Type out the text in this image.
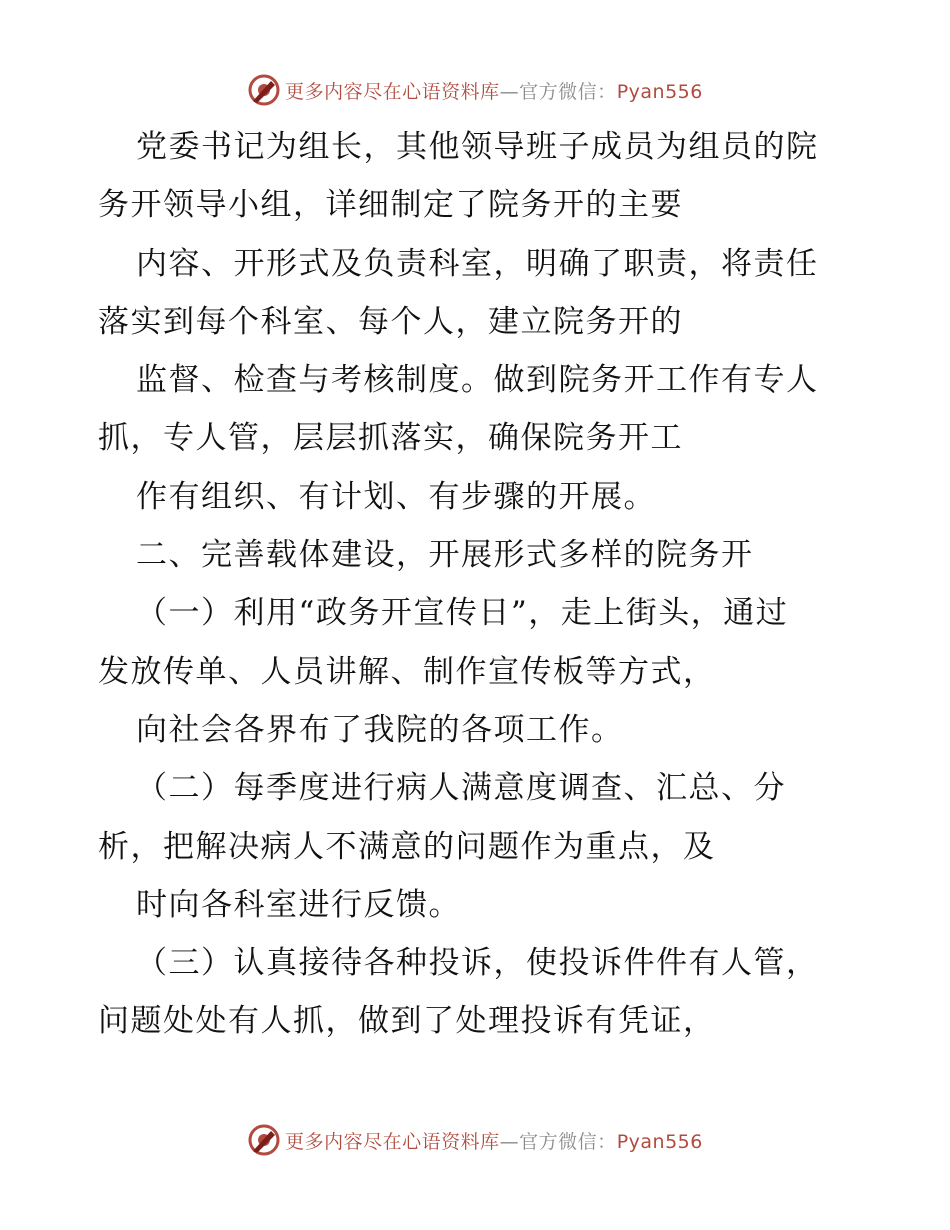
更多内容尽在心语资料库—官方微信：Pyan556
党委书记为组长，其他领导班子成员为组员的院
务开领导小组，详细制定了院务开的主要
内容、开形式及负责科室，明确了职责，将责任
落实到每个科室、每个人，建立院务开的
监督、检查与考核制度。做到院务开工作有专人
抓，专人管，层层抓落实，确保院务开工
作有组织、有计划、有步骤的开展。
二、完善载体建设，开展形式多样的院务开
（一）利用“政务开宣传日”，走上街头，通过
发放传单、人员讲解、制作宣传板等方式，
向社会各界布了我院的各项工作。
（二）每季度进行病人满意度调查、汇总、分
析，把解决病人不满意的问题作为重点，及
时向各科室进行反馈。
（三）认真接待各种投诉，使投诉件件有人管，
问题处处有人抓，做到了处理投诉有凭证，
更多内容尽在心语资料库—官方微信：Pyan556
